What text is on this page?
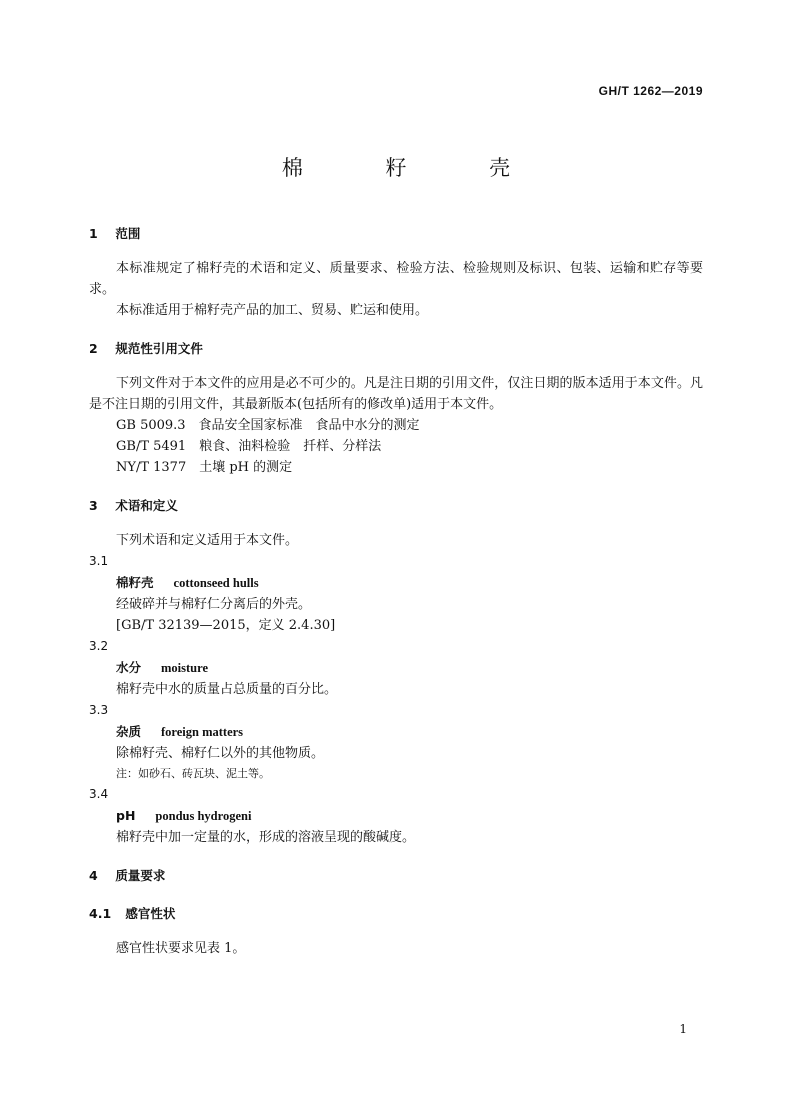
GH/T 1262—2019
棉 籽 壳
1 范围
本标准规定了棉籽壳的术语和定义、质量要求、检验方法、检验规则及标识、包装、运输和贮存等要求。
本标准适用于棉籽壳产品的加工、贸易、贮运和使用。
2 规范性引用文件
下列文件对于本文件的应用是必不可少的。凡是注日期的引用文件，仅注日期的版本适用于本文件。凡是不注日期的引用文件，其最新版本(包括所有的修改单)适用于本文件。
GB 5009.3　食品安全国家标准　食品中水分的测定
GB/T 5491　粮食、油料检验　扦样、分样法
NY/T 1377　土壤 pH 的测定
3 术语和定义
下列术语和定义适用于本文件。
3.1
棉籽壳 cottonseed hulls
经破碎并与棉籽仁分离后的外壳。
[GB/T 32139—2015，定义 2.4.30]
3.2
水分 moisture
棉籽壳中水的质量占总质量的百分比。
3.3
杂质 foreign matters
除棉籽壳、棉籽仁以外的其他物质。
注：如砂石、砖瓦块、泥土等。
3.4
pH pondus hydrogeni
棉籽壳中加一定量的水，形成的溶液呈现的酸碱度。
4 质量要求
4.1 感官性状
感官性状要求见表 1。
1
